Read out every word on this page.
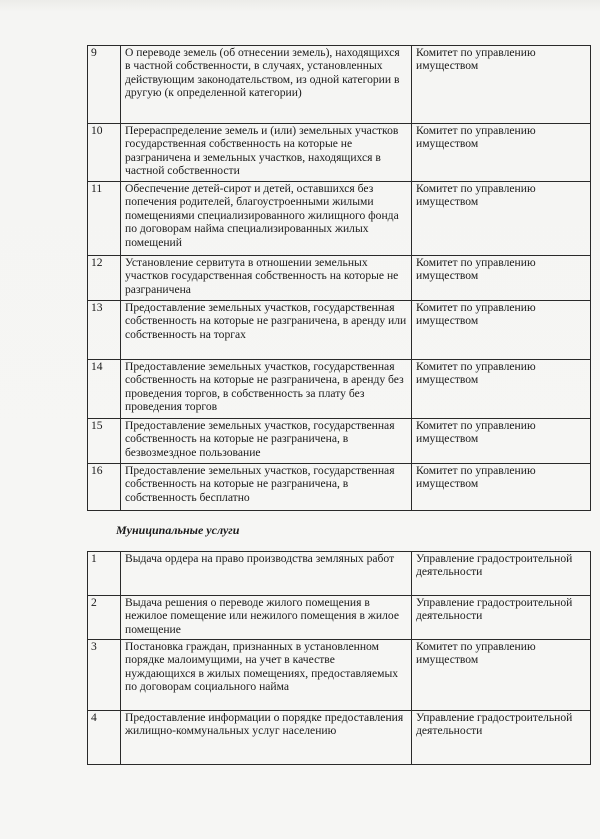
9	О переводе земель (об отнесении земель), находящихся в частной собственности, в случаях, установленных действующим законодательством, из одной категории в другую (к определенной категории)	Комитет по управлению имуществом
10	Перераспределение земель и (или) земельных участков государственная собственность на которые не разграничена и земельных участков, находящихся в частной собственности	Комитет по управлению имуществом
11	Обеспечение детей-сирот и детей, оставшихся без попечения родителей, благоустроенными жилыми помещениями специализированного жилищного фонда по договорам найма специализированных жилых помещений	Комитет по управлению имуществом
12	Установление сервитута в отношении земельных участков государственная собственность на которые не разграничена	Комитет по управлению имуществом
13	Предоставление земельных участков, государственная собственность на которые не разграничена, в аренду или собственность на торгах	Комитет по управлению имуществом
14	Предоставление земельных участков, государственная собственность на которые не разграничена, в аренду без проведения торгов, в собственность за плату без проведения торгов	Комитет по управлению имуществом
15	Предоставление земельных участков, государственная собственность на которые не разграничена, в безвозмездное пользование	Комитет по управлению имуществом
16	Предоставление земельных участков, государственная собственность на которые не разграничена, в собственность бесплатно	Комитет по управлению имуществом
Муниципальные услуги
1	Выдача ордера на право производства земляных работ	Управление градостроительной деятельности
2	Выдача решения о переводе жилого помещения в нежилое помещение или нежилого помещения в жилое помещение	Управление градостроительной деятельности
3	Постановка граждан, признанных в установленном порядке малоимущими, на учет в качестве нуждающихся в жилых помещениях, предоставляемых по договорам социального найма	Комитет по управлению имуществом
4	Предоставление информации о порядке предоставления жилищно-коммунальных услуг населению	Управление градостроительной деятельности
